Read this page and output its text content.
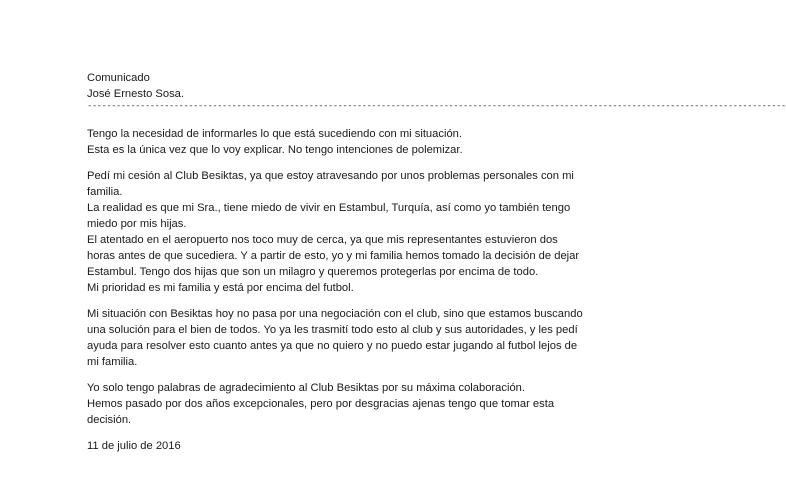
Comunicado
José Ernesto Sosa.
-------------------------------------------------------------------------------------------------------------------------------------------------
Tengo la necesidad de informarles lo que está sucediendo con mi situación.
Esta es la única vez que lo voy explicar. No tengo intenciones de polemizar.
Pedí mi cesión al Club Besiktas, ya que estoy atravesando por unos problemas personales con mi
familia.
La realidad es que mi Sra., tiene miedo de vivir en Estambul, Turquía, así como yo también tengo
miedo por mis hijas.
El atentado en el aeropuerto nos toco muy de cerca, ya que mis representantes estuvieron dos
horas antes de que sucediera. Y a partir de esto, yo y mi familia hemos tomado la decisión de dejar
Estambul. Tengo dos hijas que son un milagro y queremos protegerlas por encima de todo.
Mi prioridad es mi familia y está por encima del futbol.
Mi situación con Besiktas hoy no pasa por una negociación con el club, sino que estamos buscando
una solución para el bien de todos. Yo ya les trasmití todo esto al club y sus autoridades, y les pedí
ayuda para resolver esto cuanto antes ya que no quiero y no puedo estar jugando al futbol lejos de
mi familia.
Yo solo tengo palabras de agradecimiento al Club Besiktas por su máxima colaboración.
Hemos pasado por dos años excepcionales, pero por desgracias ajenas tengo que tomar esta
decisión.
11 de julio de 2016
